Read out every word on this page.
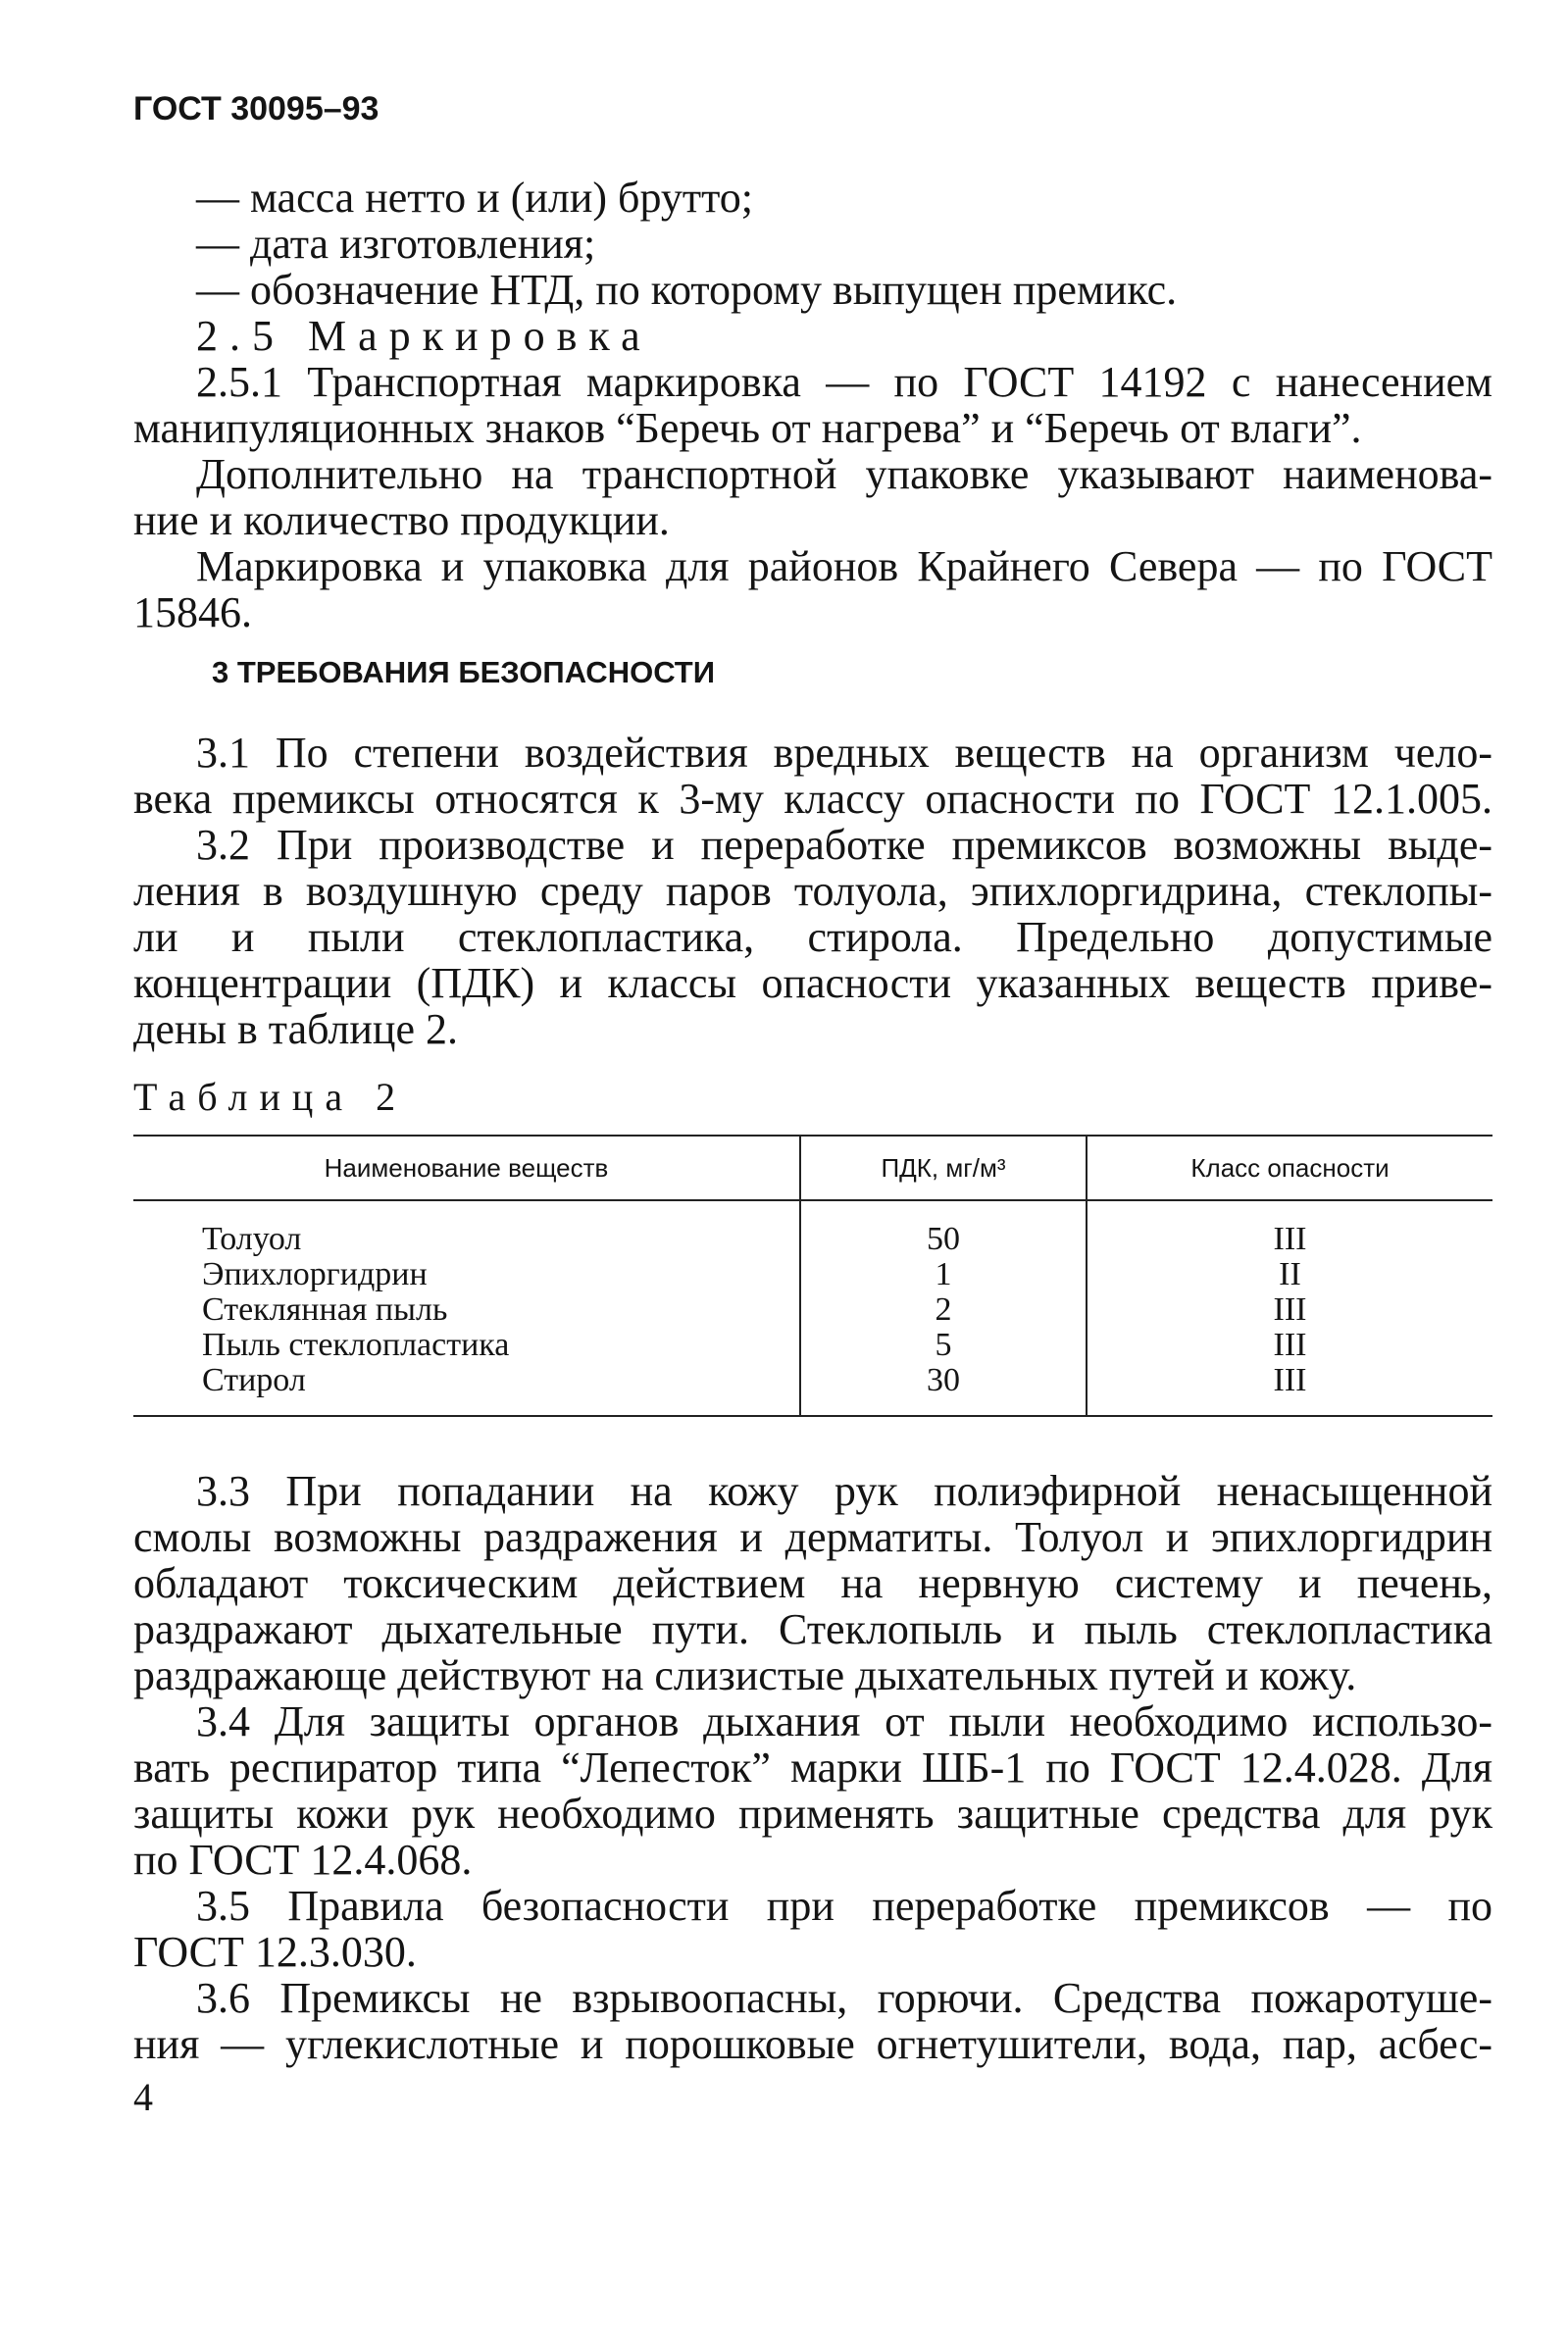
ГОСТ 30095–93
— масса нетто и (или) брутто;
— дата изготовления;
— обозначение НТД, по которому выпущен премикс.
2.5 Маркировка
2.5.1 Транспортная маркировка — по ГОСТ 14192 с нанесением
манипуляционных знаков “Беречь от нагрева” и “Беречь от влаги”.
Дополнительно на транспортной упаковке указывают наименова-
ние и количество продукции.
Маркировка и упаковка для районов Крайнего Севера — по ГОСТ
15846.
3 ТРЕБОВАНИЯ БЕЗОПАСНОСТИ
3.1 По степени воздействия вредных веществ на организм чело-
века премиксы относятся к 3-му классу опасности по ГОСТ 12.1.005.
3.2 При производстве и переработке премиксов возможны выде-
ления в воздушную среду паров толуола, эпихлоргидрина, стеклопы-
ли и пыли стеклопластика, стирола. Предельно допустимые
концентрации (ПДК) и классы опасности указанных веществ приве-
дены в таблице 2.
Таблица 2
Наименование веществ	ПДК, мг/м³	Класс опасности
Толуол	50	III
Эпихлоргидрин	1	II
Стеклянная пыль	2	III
Пыль стеклопластика	5	III
Стирол	30	III
3.3 При попадании на кожу рук полиэфирной ненасыщенной
смолы возможны раздражения и дерматиты. Толуол и эпихлоргидрин
обладают токсическим действием на нервную систему и печень,
раздражают дыхательные пути. Стеклопыль и пыль стеклопластика
раздражающе действуют на слизистые дыхательных путей и кожу.
3.4 Для защиты органов дыхания от пыли необходимо использо-
вать респиратор типа “Лепесток” марки ШБ-1 по ГОСТ 12.4.028. Для
защиты кожи рук необходимо применять защитные средства для рук
по ГОСТ 12.4.068.
3.5 Правила безопасности при переработке премиксов — по
ГОСТ 12.3.030.
3.6 Премиксы не взрывоопасны, горючи. Средства пожаротуше-
ния — углекислотные и порошковые огнетушители, вода, пар, асбес-
4
